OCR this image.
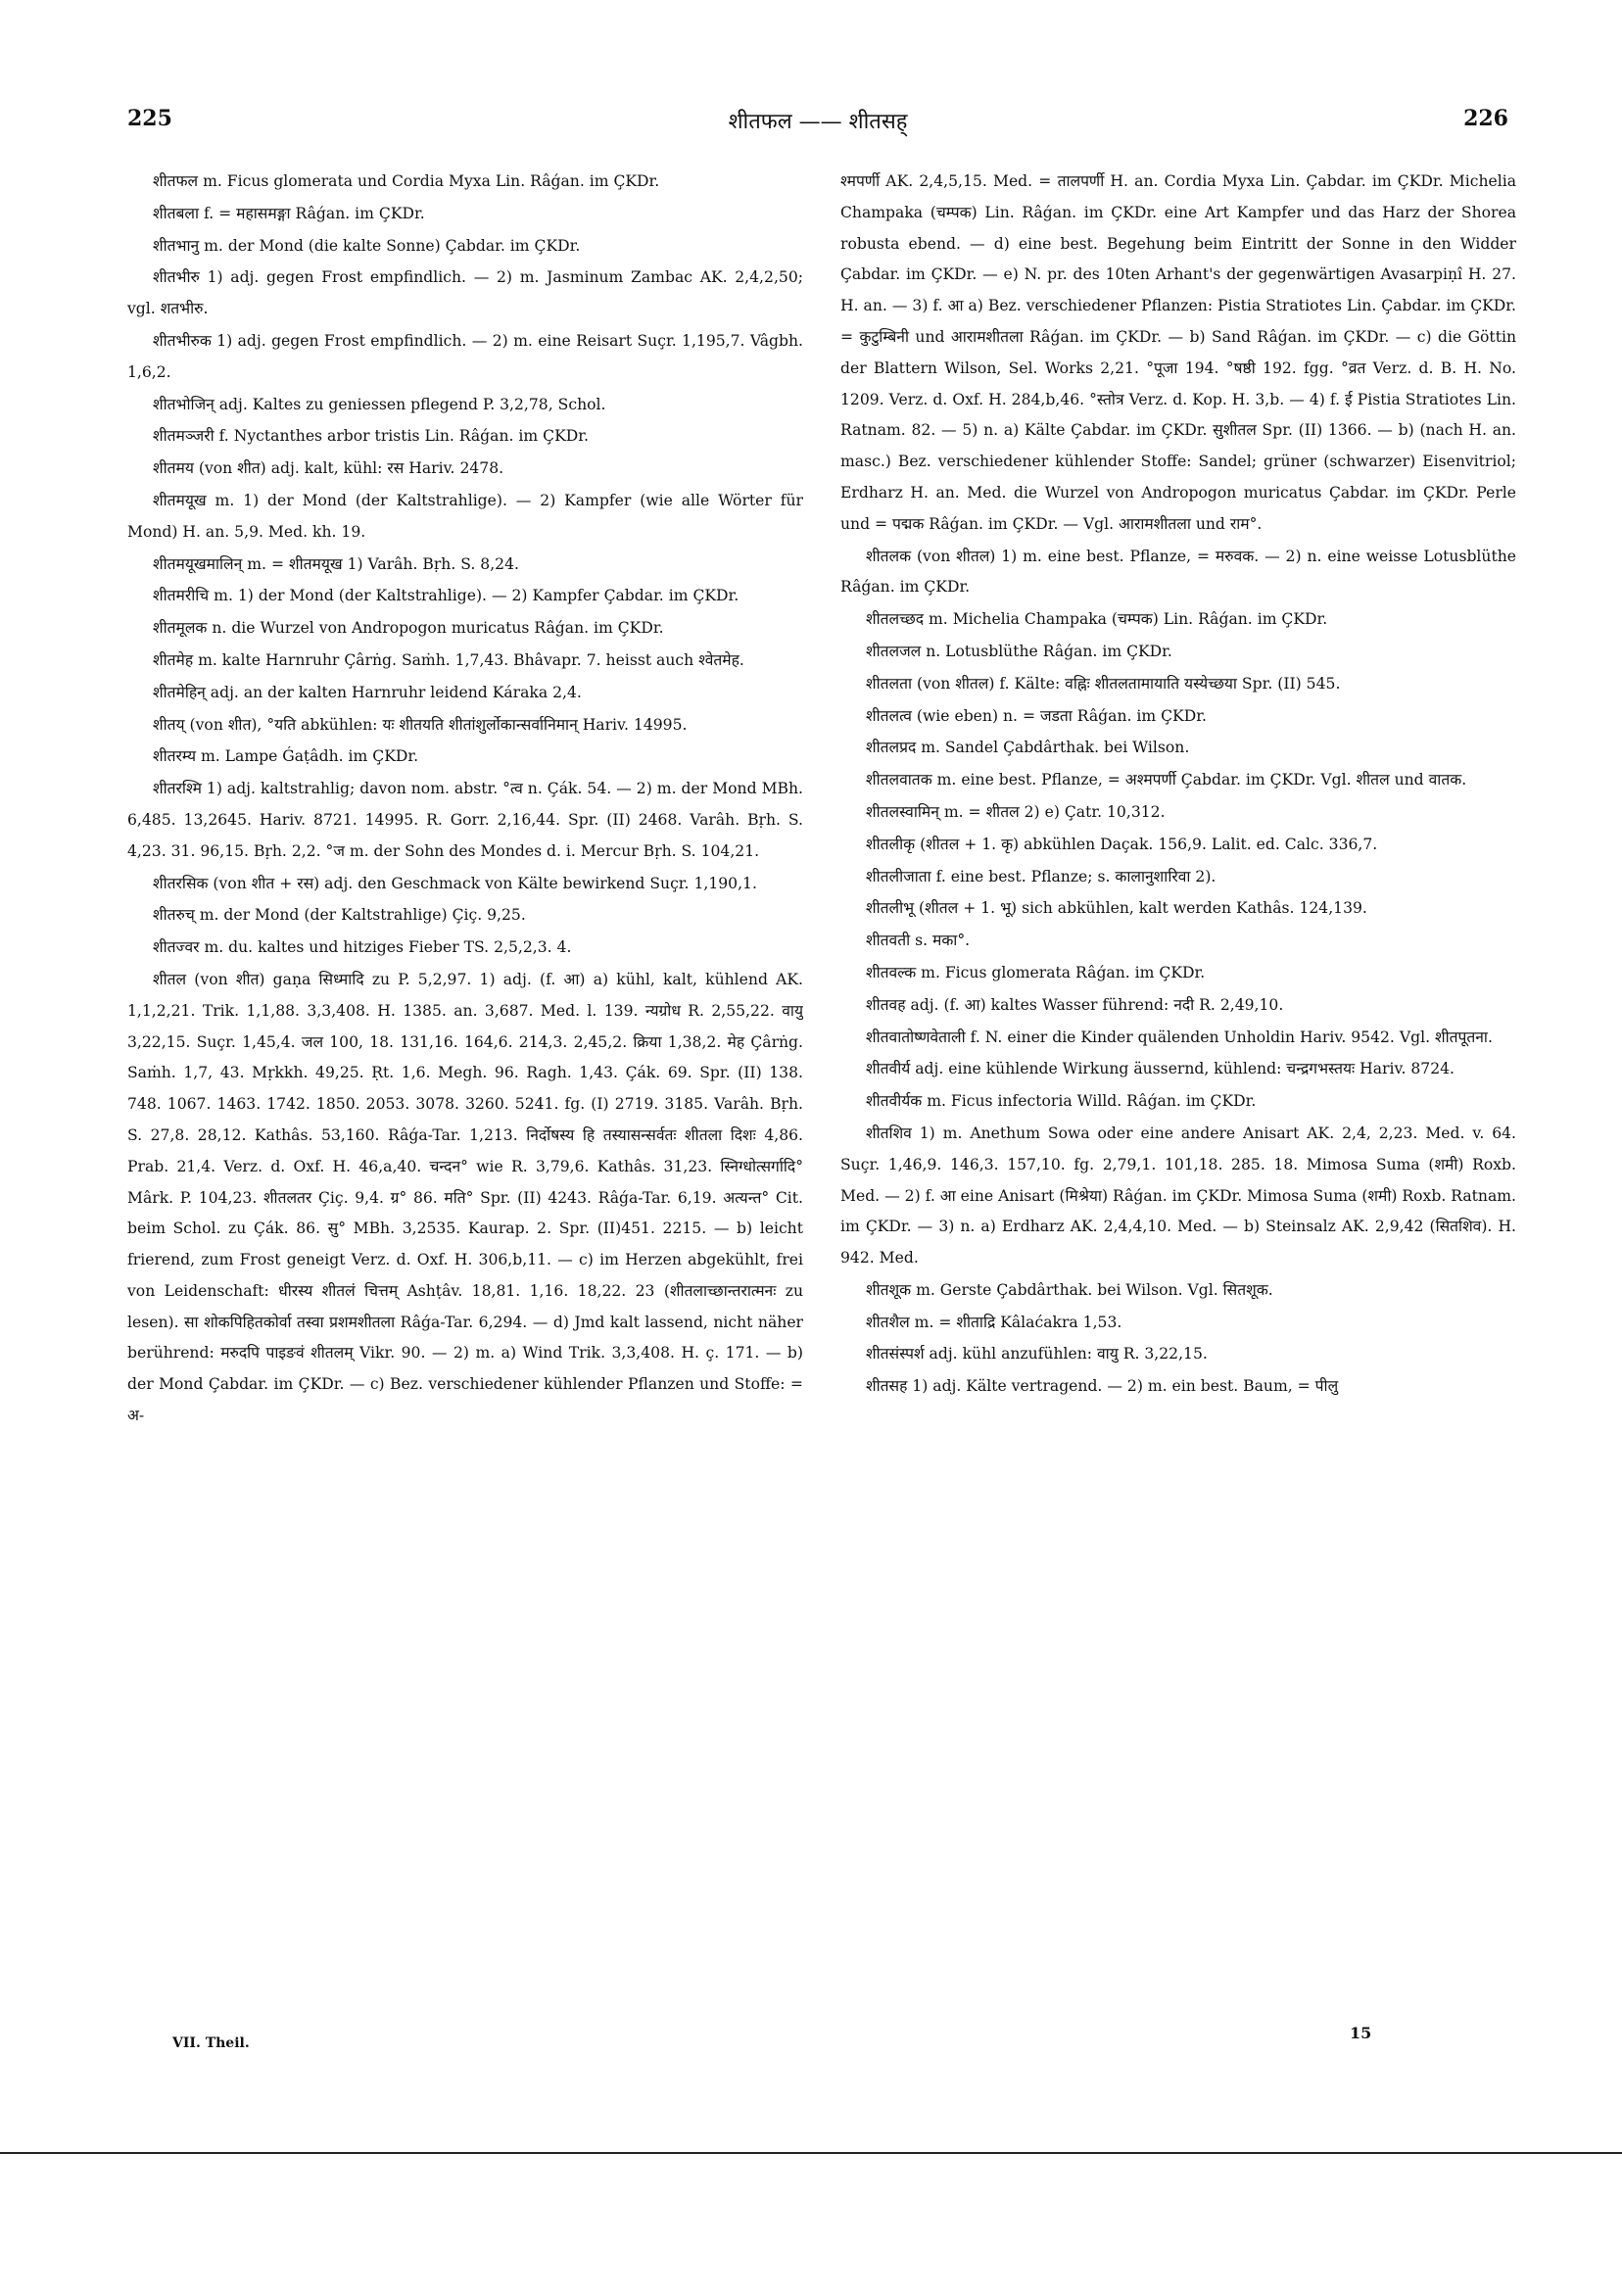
225	शीतफल —— शीतसह्	226

शीतफल m. Ficus glomerata und Cordia Myxa Lin. Râǵan. im ÇKDr.

शीतबला f. = महासमङ्गा Râǵan. im ÇKDr.

शीतभानु m. der Mond (die kalte Sonne) Çabdar. im ÇKDr.

शीतभीरु 1) adj. gegen Frost empfindlich. — 2) m. Jasminum Zambac AK. 2,4,2,50; vgl. शतभीरु.

शीतभीरुक 1) adj. gegen Frost empfindlich. — 2) m. eine Reisart Suçr. 1,195,7. Vâgbh. 1,6,2.

शीतभोजिन् adj. Kaltes zu geniessen pflegend P. 3,2,78, Schol.

शीतमञ्जरी f. Nyctanthes arbor tristis Lin. Râǵan. im ÇKDr.

शीतमय (von शीत) adj. kalt, kühl: रस Hariv. 2478.

शीतमयूख m. 1) der Mond (der Kaltstrahlige). — 2) Kampfer (wie alle Wörter für Mond) H. an. 5,9. Med. kh. 19.

शीतमयूखमालिन् m. = शीतमयूख 1) Varâh. Bṛh. S. 8,24.

शीतमरीचि m. 1) der Mond (der Kaltstrahlige). — 2) Kampfer Çabdar. im ÇKDr.

शीतमूलक n. die Wurzel von Andropogon muricatus Râǵan. im ÇKDr.

शीतमेह m. kalte Harnruhr Çârṅg. Saṁh. 1,7,43. Bhâvapr. 7. heisst auch श्वेतमेह.

शीतमेहिन् adj. an der kalten Harnruhr leidend Káraka 2,4.

शीतय् (von शीत), °यति abkühlen: यः शीतयति शीतांशुर्लोकान्सर्वानिमान् Hariv. 14995.

शीतरम्य m. Lampe Ǵaṭâdh. im ÇKDr.

शीतरश्मि 1) adj. kaltstrahlig; davon nom. abstr. °त्व n. Çák. 54. — 2) m. der Mond MBh. 6,485. 13,2645. Hariv. 8721. 14995. R. Gorr. 2,16,44. Spr. (II) 2468. Varâh. Bṛh. S. 4,23. 31. 96,15. Bṛh. 2,2. °ज m. der Sohn des Mondes d. i. Mercur Bṛh. S. 104,21.

शीतरसिक (von शीत + रस) adj. den Geschmack von Kälte bewirkend Suçr. 1,190,1.

शीतरुच् m. der Mond (der Kaltstrahlige) Çiç. 9,25.

शीतज्वर m. du. kaltes und hitziges Fieber TS. 2,5,2,3. 4.

शीतल (von शीत) gaṇa सिध्मादि zu P. 5,2,97. 1) adj. (f. आ) a) kühl, kalt, kühlend AK. 1,1,2,21. Trik. 1,1,88. 3,3,408. H. 1385. an. 3,687. Med. l. 139. न्यग्रोध R. 2,55,22. वायु 3,22,15. Suçr. 1,45,4. जल 100, 18. 131,16. 164,6. 214,3. 2,45,2. क्रिया 1,38,2. मेह Çârṅg. Saṁh. 1,7, 43. Mṛkkh. 49,25. Ṛt. 1,6. Megh. 96. Ragh. 1,43. Çák. 69. Spr. (II) 138. 748. 1067. 1463. 1742. 1850. 2053. 3078. 3260. 5241. fg. (I) 2719. 3185. Varâh. Bṛh. S. 27,8. 28,12. Kathâs. 53,160. Râǵa-Tar. 1,213. निर्दोषस्य हि तस्यासन्सर्वतः शीतला दिशः 4,86. Prab. 21,4. Verz. d. Oxf. H. 46,a,40. चन्दन° wie R. 3,79,6. Kathâs. 31,23. स्निग्धोत्सर्गादि° Mârk. P. 104,23. शीतलतर Çiç. 9,4. ग्र° 86. मति° Spr. (II) 4243. Râǵa-Tar. 6,19. अत्यन्त° Cit. beim Schol. zu Çák. 86. सु° MBh. 3,2535. Kaurap. 2. Spr. (II)451. 2215. — b) leicht frierend, zum Frost geneigt Verz. d. Oxf. H. 306,b,11. — c) im Herzen abgekühlt, frei von Leidenschaft: धीरस्य शीतलं चित्तम् Ashṭâv. 18,81. 1,16. 18,22. 23 (शीतलाच्छान्तरात्मनः zu lesen). सा शोकपिहितकोर्वा तस्वा प्रशमशीतला Râǵa-Tar. 6,294. — d) Jmd kalt lassend, nicht näher berührend: मरुदपि पाइङवं शीतलम् Vikr. 90. — 2) m. a) Wind Trik. 3,3,408. H. ç. 171. — b) der Mond Çabdar. im ÇKDr. — c) Bez. verschiedener kühlender Pflanzen und Stoffe: = अ-

श्मपर्णी AK. 2,4,5,15. Med. = तालपर्णी H. an. Cordia Myxa Lin. Çabdar. im ÇKDr. Michelia Champaka (चम्पक) Lin. Râǵan. im ÇKDr. eine Art Kampfer und das Harz der Shorea robusta ebend. — d) eine best. Begehung beim Eintritt der Sonne in den Widder Çabdar. im ÇKDr. — e) N. pr. des 10ten Arhant's der gegenwärtigen Avasarpiṇî H. 27. H. an. — 3) f. आ a) Bez. verschiedener Pflanzen: Pistia Stratiotes Lin. Çabdar. im ÇKDr. = कुटुम्बिनी und आरामशीतला Râǵan. im ÇKDr. — b) Sand Râǵan. im ÇKDr. — c) die Göttin der Blattern Wilson, Sel. Works 2,21. °पूजा 194. °षष्ठी 192. fgg. °व्रत Verz. d. B. H. No. 1209. Verz. d. Oxf. H. 284,b,46. °स्तोत्र Verz. d. Kop. H. 3,b. — 4) f. ई Pistia Stratiotes Lin. Ratnam. 82. — 5) n. a) Kälte Çabdar. im ÇKDr. सुशीतल Spr. (II) 1366. — b) (nach H. an. masc.) Bez. verschiedener kühlender Stoffe: Sandel; grüner (schwarzer) Eisenvitriol; Erdharz H. an. Med. die Wurzel von Andropogon muricatus Çabdar. im ÇKDr. Perle und = पद्मक Râǵan. im ÇKDr. — Vgl. आरामशीतला und राम°.

शीतलक (von शीतल) 1) m. eine best. Pflanze, = मरुवक. — 2) n. eine weisse Lotusblüthe Râǵan. im ÇKDr.

शीतलच्छद m. Michelia Champaka (चम्पक) Lin. Râǵan. im ÇKDr.

शीतलजल n. Lotusblüthe Râǵan. im ÇKDr.

शीतलता (von शीतल) f. Kälte: वह्निः शीतलतामायाति यस्येच्छया Spr. (II) 545.

शीतलत्व (wie eben) n. = जडता Râǵan. im ÇKDr.

शीतलप्रद m. Sandel Çabdârthak. bei Wilson.

शीतलवातक m. eine best. Pflanze, = अश्मपर्णी Çabdar. im ÇKDr. Vgl. शीतल und वातक.

शीतलस्वामिन् m. = शीतल 2) e) Çatr. 10,312.

शीतलीकृ (शीतल + 1. कृ) abkühlen Daçak. 156,9. Lalit. ed. Calc. 336,7.

शीतलीजाता f. eine best. Pflanze; s. कालानुशारिवा 2).

शीतलीभू (शीतल + 1. भू) sich abkühlen, kalt werden Kathâs. 124,139.

शीतवती s. मका°.

शीतवल्क m. Ficus glomerata Râǵan. im ÇKDr.

शीतवह adj. (f. आ) kaltes Wasser führend: नदी R. 2,49,10.

शीतवातोष्णवेताली f. N. einer die Kinder quälenden Unholdin Hariv. 9542. Vgl. शीतपूतना.

शीतवीर्य adj. eine kühlende Wirkung äussernd, kühlend: चन्द्रगभस्तयः Hariv. 8724.

शीतवीर्यक m. Ficus infectoria Willd. Râǵan. im ÇKDr.

शीतशिव 1) m. Anethum Sowa oder eine andere Anisart AK. 2,4, 2,23. Med. v. 64. Suçr. 1,46,9. 146,3. 157,10. fg. 2,79,1. 101,18. 285. 18. Mimosa Suma (शमी) Roxb. Med. — 2) f. आ eine Anisart (मिश्रेया) Râǵan. im ÇKDr. Mimosa Suma (शमी) Roxb. Ratnam. im ÇKDr. — 3) n. a) Erdharz AK. 2,4,4,10. Med. — b) Steinsalz AK. 2,9,42 (सितशिव). H. 942. Med.

शीतशूक m. Gerste Çabdârthak. bei Wilson. Vgl. सितशूक.

शीतशैल m. = शीताद्रि Kâlaćakra 1,53.

शीतसंस्पर्श adj. kühl anzufühlen: वायु R. 3,22,15.

शीतसह 1) adj. Kälte vertragend. — 2) m. ein best. Baum, = पीलु

VII. Theil.
15
